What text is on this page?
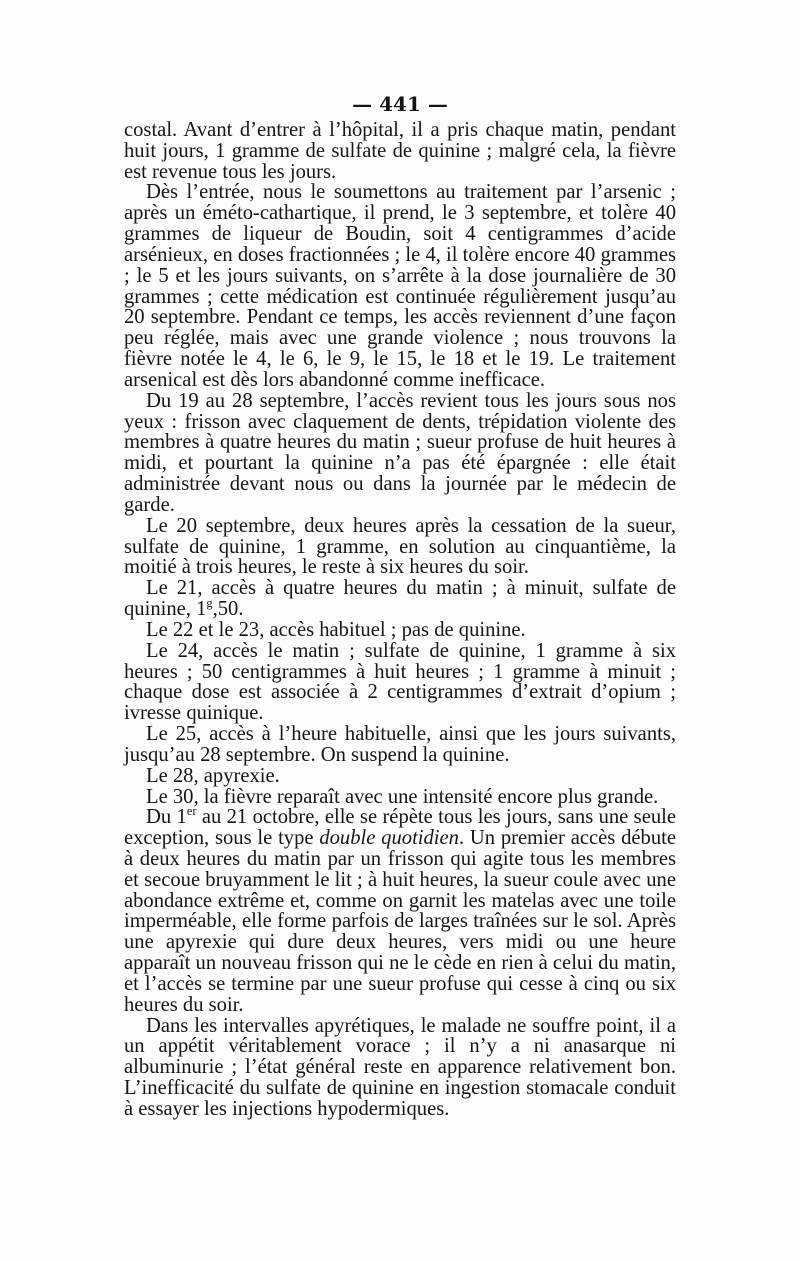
— 441 —

costal. Avant d’entrer à l’hôpital, il a pris chaque matin, pendant huit jours, 1 gramme de sulfate de quinine ; malgré cela, la fièvre est revenue tous les jours.

Dès l’entrée, nous le soumettons au traitement par l’arsenic ; après un éméto-cathartique, il prend, le 3 septembre, et tolère 40 grammes de liqueur de Boudin, soit 4 centigrammes d’acide arsénieux, en doses fractionnées ; le 4, il tolère encore 40 grammes ; le 5 et les jours suivants, on s’arrête à la dose journalière de 30 grammes ; cette médication est continuée régulièrement jusqu’au 20 septembre. Pendant ce temps, les accès reviennent d’une façon peu réglée, mais avec une grande violence ; nous trouvons la fièvre notée le 4, le 6, le 9, le 15, le 18 et le 19. Le traitement arsenical est dès lors abandonné comme inefficace.

Du 19 au 28 septembre, l’accès revient tous les jours sous nos yeux : frisson avec claquement de dents, trépidation violente des membres à quatre heures du matin ; sueur profuse de huit heures à midi, et pourtant la quinine n’a pas été épargnée : elle était administrée devant nous ou dans la journée par le médecin de garde.

Le 20 septembre, deux heures après la cessation de la sueur, sulfate de quinine, 1 gramme, en solution au cinquantième, la moitié à trois heures, le reste à six heures du soir.

Le 21, accès à quatre heures du matin ; à minuit, sulfate de quinine, 1$^g$,50.

Le 22 et le 23, accès habituel ; pas de quinine.

Le 24, accès le matin ; sulfate de quinine, 1 gramme à six heures ; 50 centigrammes à huit heures ; 1 gramme à minuit ; chaque dose est associée à 2 centigrammes d’extrait d’opium ; ivresse quinique.

Le 25, accès à l’heure habituelle, ainsi que les jours suivants, jusqu’au 28 septembre. On suspend la quinine.

Le 28, apyrexie.

Le 30, la fièvre reparaît avec une intensité encore plus grande.

Du 1er au 21 octobre, elle se répète tous les jours, sans une seule exception, sous le type double quotidien. Un premier accès débute à deux heures du matin par un frisson qui agite tous les membres et secoue bruyamment le lit ; à huit heures, la sueur coule avec une abondance extrême et, comme on garnit les matelas avec une toile imperméable, elle forme parfois de larges traînées sur le sol. Après une apyrexie qui dure deux heures, vers midi ou une heure apparaît un nouveau frisson qui ne le cède en rien à celui du matin, et l’accès se termine par une sueur profuse qui cesse à cinq ou six heures du soir.

Dans les intervalles apyrétiques, le malade ne souffre point, il a un appétit véritablement vorace ; il n’y a ni anasarque ni albuminurie ; l’état général reste en apparence relativement bon. L’inefficacité du sulfate de quinine en ingestion stomacale conduit à essayer les injections hypodermiques.
